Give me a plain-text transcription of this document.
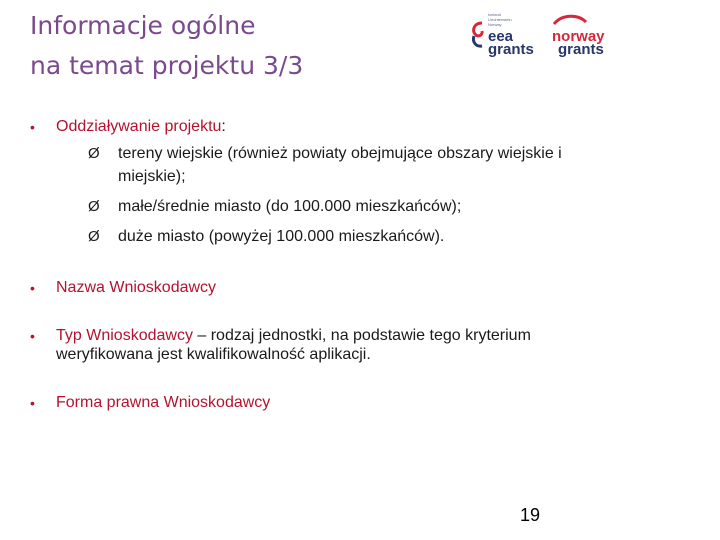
Informacje ogólne
na temat projektu 3/3
Iceland
Liechtenstein
Norway
eea
grants
norway
grants
• Oddziaływanie projektu:
Ø tereny wiejskie (również powiaty obejmujące obszary wiejskie i
miejskie);
Ø małe/średnie miasto (do 100.000 mieszkańców);
Ø duże miasto (powyżej 100.000 mieszkańców).
• Nazwa Wnioskodawcy
• Typ Wnioskodawcy – rodzaj jednostki, na podstawie tego kryterium
weryfikowana jest kwalifikowalność aplikacji.
• Forma prawna Wnioskodawcy
19
